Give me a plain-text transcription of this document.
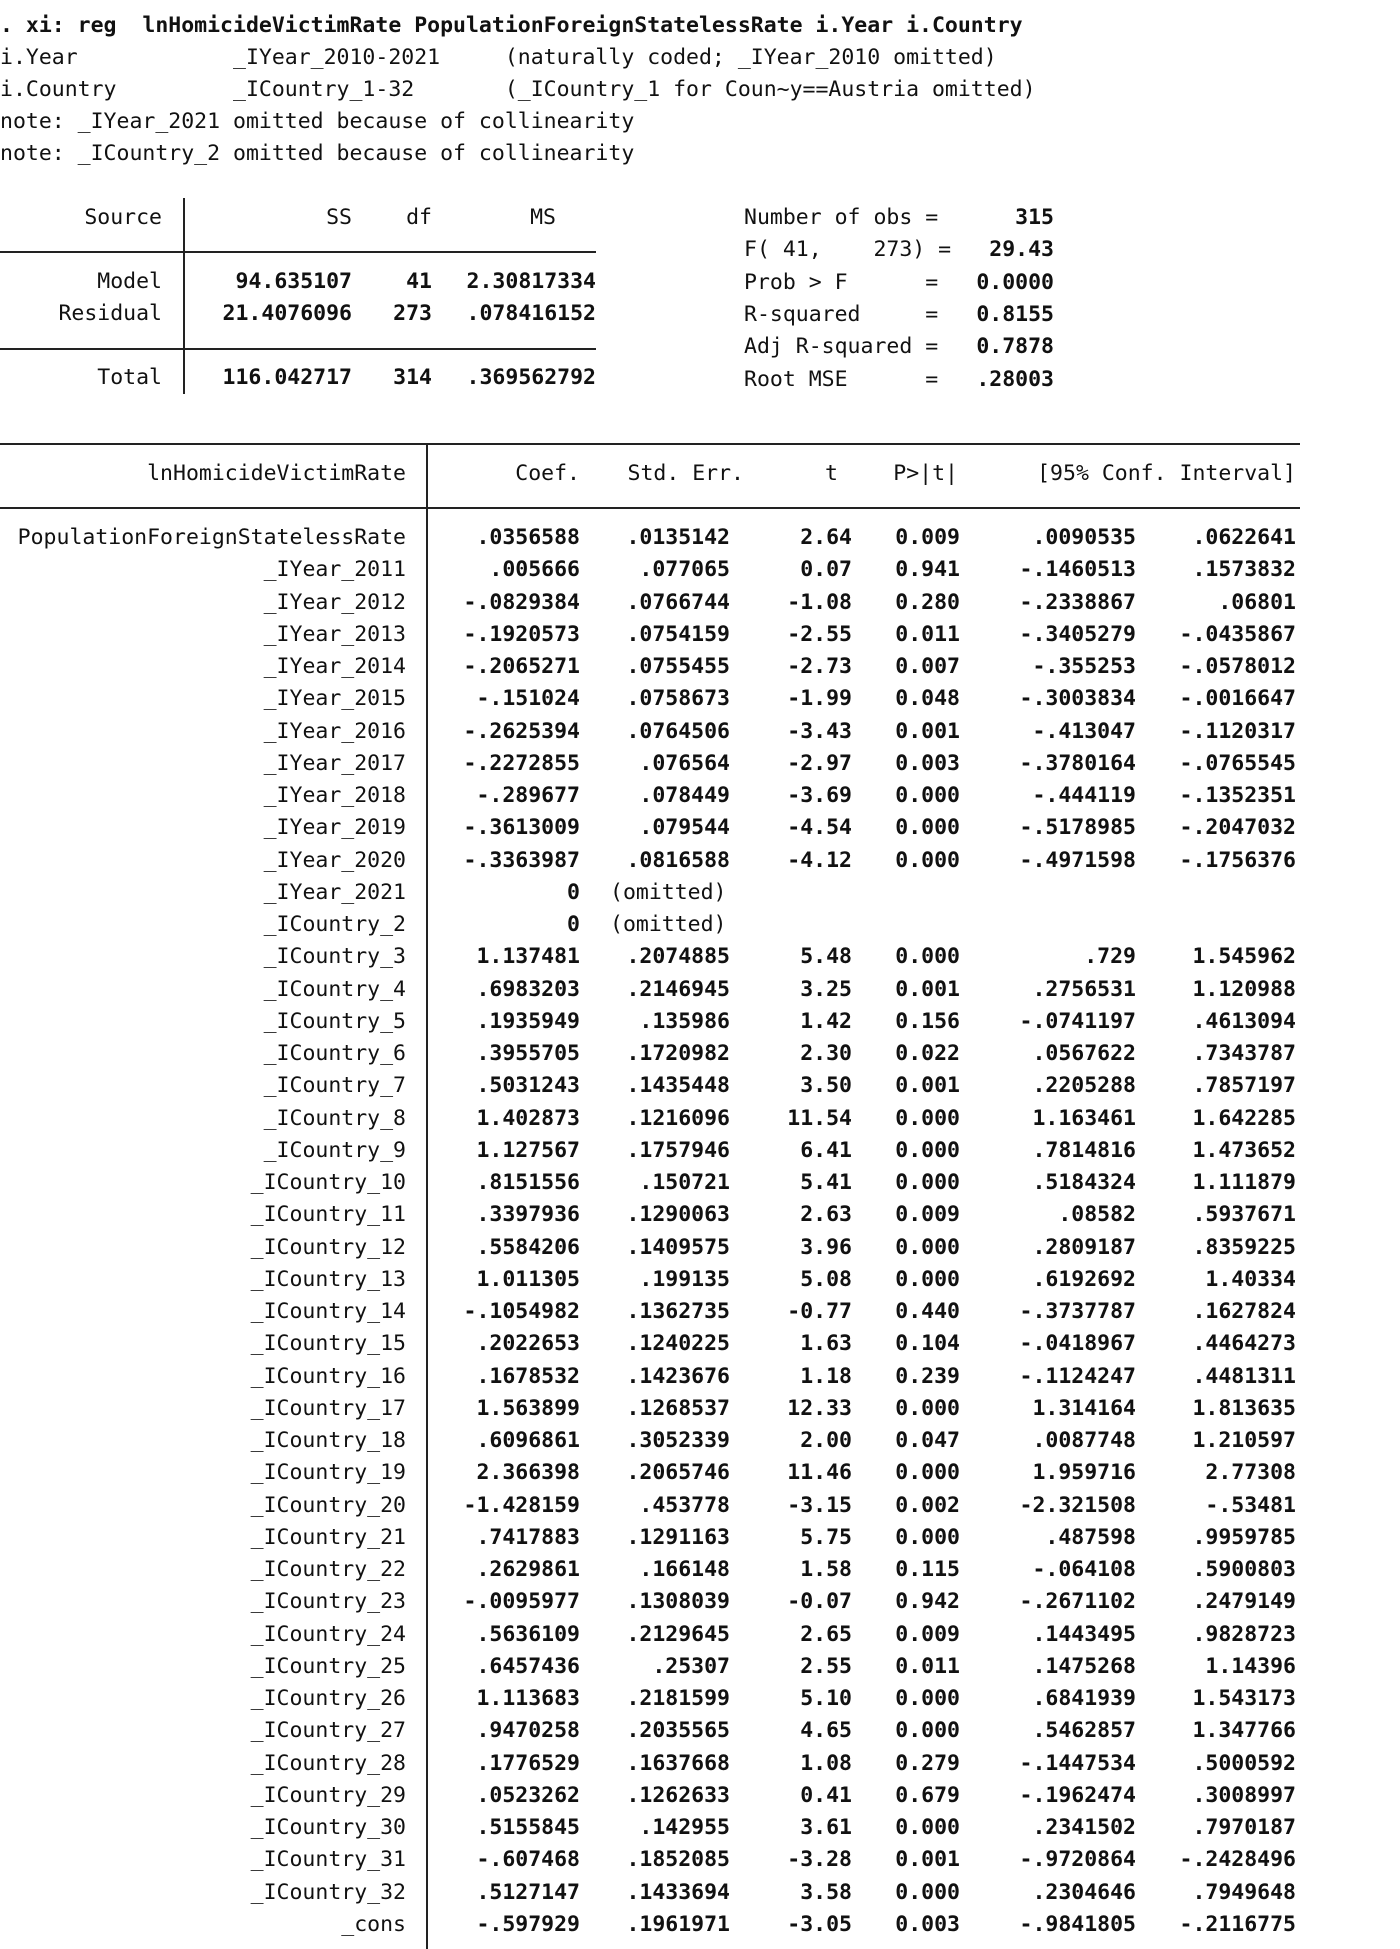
. xi: reg  lnHomicideVictimRate PopulationForeignStatelessRate i.Year i.Country
i.Year            _IYear_2010-2021     (naturally coded; _IYear_2010 omitted)
i.Country         _ICountry_1-32       (_ICountry_1 for Coun~y==Austria omitted)
note: _IYear_2021 omitted because of collinearity
note: _ICountry_2 omitted because of collinearity
Source	SS	df	MS
Model	94.635107	41 2.30817334
Residual	21.4076096 273 .078416152
Total	116.042717 314 .369562792
Number of obs =	315
F( 41,    273) = 29.43
Prob > F      = 0.0000
R-squared     = 0.8155
Adj R-squared = 0.7878
Root MSE      = .28003
lnHomicideVictimRate	Coef. Std. Err.	t	P>|t|	[95% Conf. Interval]
PopulationForeignStatelessRate	.0356588 .0135142	2.64 0.009	.0090535	.0622641
_IYear_2011	.005666	.077065	0.07 0.941	-.1460513	.1573832
_IYear_2012	-.0829384 .0766744	-1.08 0.280	-.2338867	.06801
_IYear_2013	-.1920573 .0754159	-2.55 0.011	-.3405279 -.0435867
_IYear_2014	-.2065271 .0755455	-2.73 0.007	-.355253 -.0578012
_IYear_2015	-.151024 .0758673	-1.99 0.048	-.3003834 -.0016647
_IYear_2016	-.2625394 .0764506	-3.43 0.001	-.413047 -.1120317
_IYear_2017	-.2272855	.076564	-2.97 0.003	-.3780164 -.0765545
_IYear_2018	-.289677	.078449	-3.69 0.000	-.444119 -.1352351
_IYear_2019	-.3613009	.079544	-4.54 0.000	-.5178985 -.2047032
_IYear_2020	-.3363987 .0816588	-4.12 0.000	-.4971598 -.1756376
_IYear_2021	0 (omitted)
_ICountry_2	0 (omitted)
_ICountry_3	1.137481 .2074885	5.48 0.000	.729	1.545962
_ICountry_4	.6983203 .2146945	3.25 0.001	.2756531	1.120988
_ICountry_5	.1935949	.135986	1.42 0.156	-.0741197	.4613094
_ICountry_6	.3955705 .1720982	2.30 0.022	.0567622	.7343787
_ICountry_7	.5031243 .1435448	3.50 0.001	.2205288	.7857197
_ICountry_8	1.402873 .1216096	11.54 0.000	1.163461	1.642285
_ICountry_9	1.127567 .1757946	6.41 0.000	.7814816	1.473652
_ICountry_10	.8151556	.150721	5.41 0.000	.5184324	1.111879
_ICountry_11	.3397936 .1290063	2.63 0.009	.08582	.5937671
_ICountry_12	.5584206 .1409575	3.96 0.000	.2809187	.8359225
_ICountry_13	1.011305	.199135	5.08 0.000	.6192692	1.40334
_ICountry_14	-.1054982 .1362735	-0.77 0.440	-.3737787	.1627824
_ICountry_15	.2022653 .1240225	1.63 0.104	-.0418967	.4464273
_ICountry_16	.1678532 .1423676	1.18 0.239	-.1124247	.4481311
_ICountry_17	1.563899 .1268537	12.33 0.000	1.314164	1.813635
_ICountry_18	.6096861 .3052339	2.00 0.047	.0087748	1.210597
_ICountry_19	2.366398 .2065746	11.46 0.000	1.959716	2.77308
_ICountry_20	-1.428159	.453778	-3.15 0.002	-2.321508	-.53481
_ICountry_21	.7417883 .1291163	5.75 0.000	.487598	.9959785
_ICountry_22	.2629861	.166148	1.58 0.115	-.064108	.5900803
_ICountry_23	-.0095977 .1308039	-0.07 0.942	-.2671102	.2479149
_ICountry_24	.5636109 .2129645	2.65 0.009	.1443495	.9828723
_ICountry_25	.6457436	.25307	2.55 0.011	.1475268	1.14396
_ICountry_26	1.113683 .2181599	5.10 0.000	.6841939	1.543173
_ICountry_27	.9470258 .2035565	4.65 0.000	.5462857	1.347766
_ICountry_28	.1776529 .1637668	1.08 0.279	-.1447534	.5000592
_ICountry_29	.0523262 .1262633	0.41 0.679	-.1962474	.3008997
_ICountry_30	.5155845	.142955	3.61 0.000	.2341502	.7970187
_ICountry_31	-.607468 .1852085	-3.28 0.001	-.9720864 -.2428496
_ICountry_32	.5127147 .1433694	3.58 0.000	.2304646	.7949648
_cons	-.597929 .1961971	-3.05 0.003	-.9841805 -.2116775
